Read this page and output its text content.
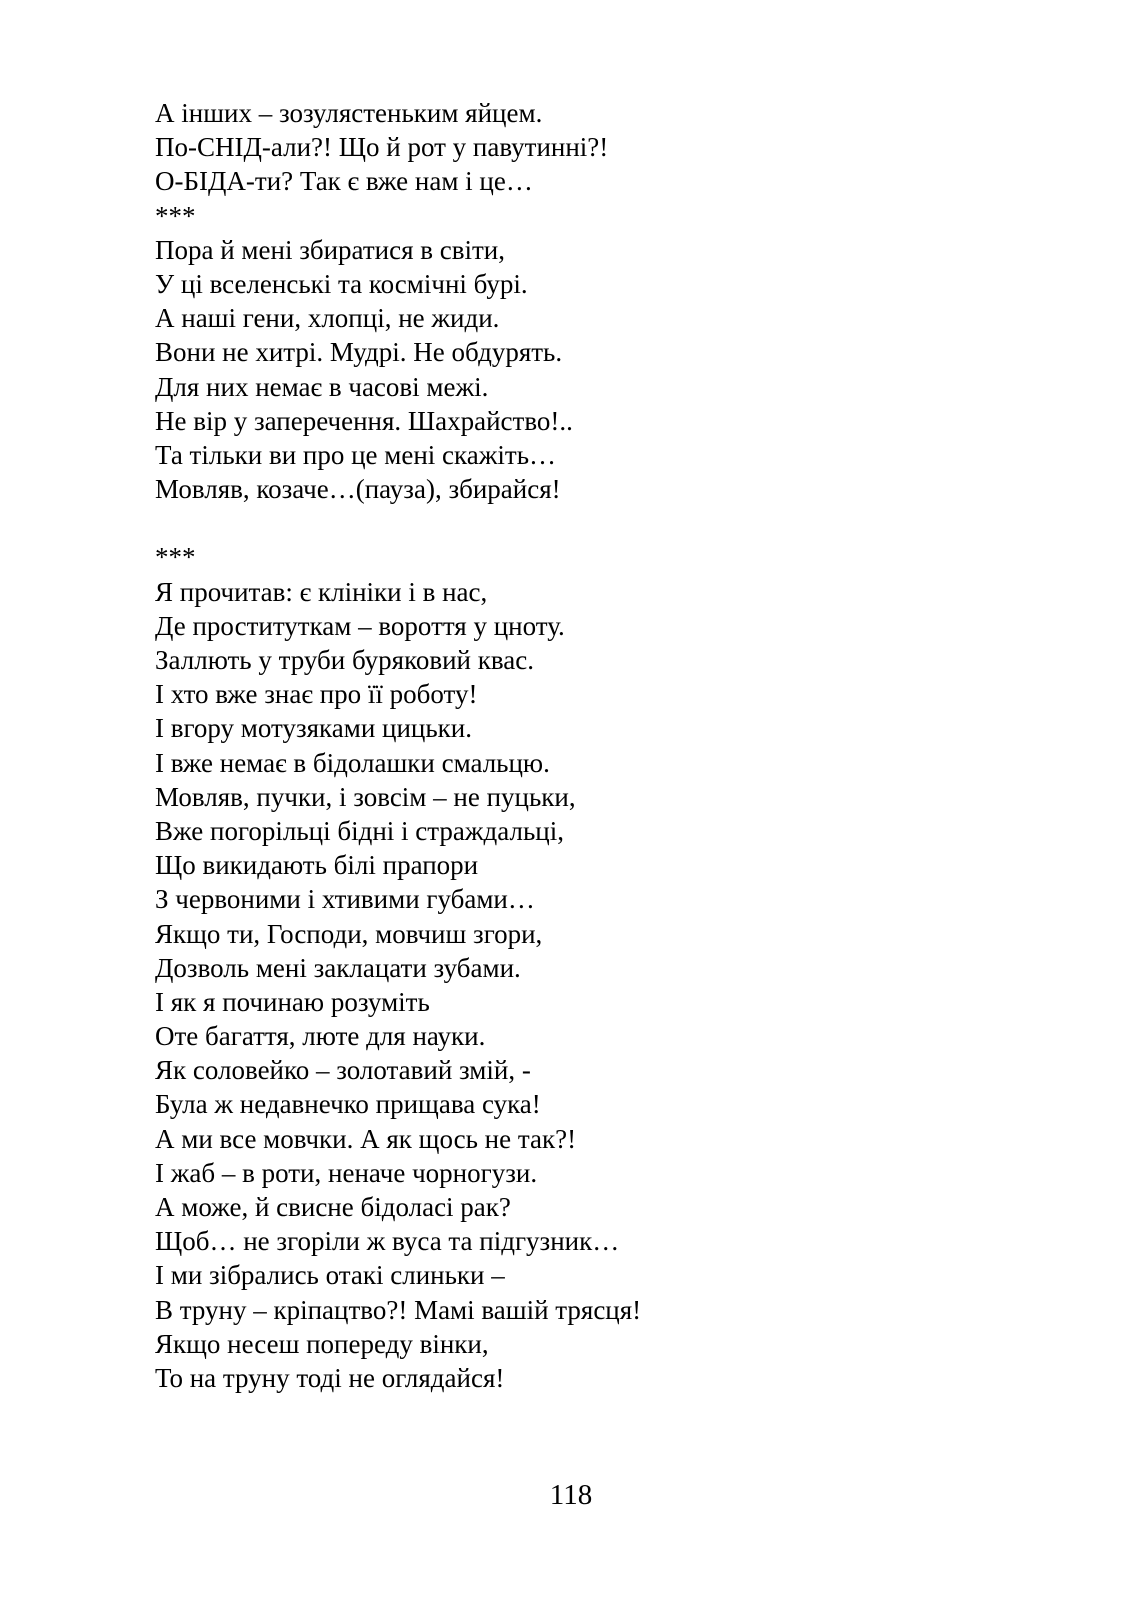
А інших – зозулястеньким яйцем.
По-СНІД-али?! Що й рот у павутинні?!
О-БІДА-ти? Так є вже нам і це…
***
Пора й мені збиратися в світи,
У ці вселенські та космічні бурі.
А наші гени, хлопці, не жиди.
Вони не хитрі. Мудрі. Не обдурять.
Для них немає в часові межі.
Не вір у заперечення. Шахрайство!..
Та тільки ви про це мені скажіть…
Мовляв, козаче…(пауза), збирайся!
***
Я прочитав: є клініки і в нас,
Де проституткам – вороття у цноту.
Заллють у труби буряковий квас.
І хто вже знає про її роботу!
І вгору мотузяками цицьки.
І вже немає в бідолашки смальцю.
Мовляв, пучки, і зовсім – не пуцьки,
Вже погорільці бідні і страждальці,
Що викидають білі прапори
З червоними і хтивими губами…
Якщо ти, Господи, мовчиш згори,
Дозволь мені заклацати зубами.
І як я починаю розуміть
Оте багаття, люте для науки.
Як соловейко – золотавий змій, -
Була ж недавнечко прищава сука!
А ми все мовчки. А як щось не так?!
І жаб – в роти, неначе чорногузи.
А може, й свисне бідоласі рак?
Щоб… не згоріли ж вуса та підгузник…
І ми зібрались отакі слиньки –
В труну – кріпацтво?! Мамі вашій трясця!
Якщо несеш попереду вінки,
То на труну тоді не оглядайся!
118
